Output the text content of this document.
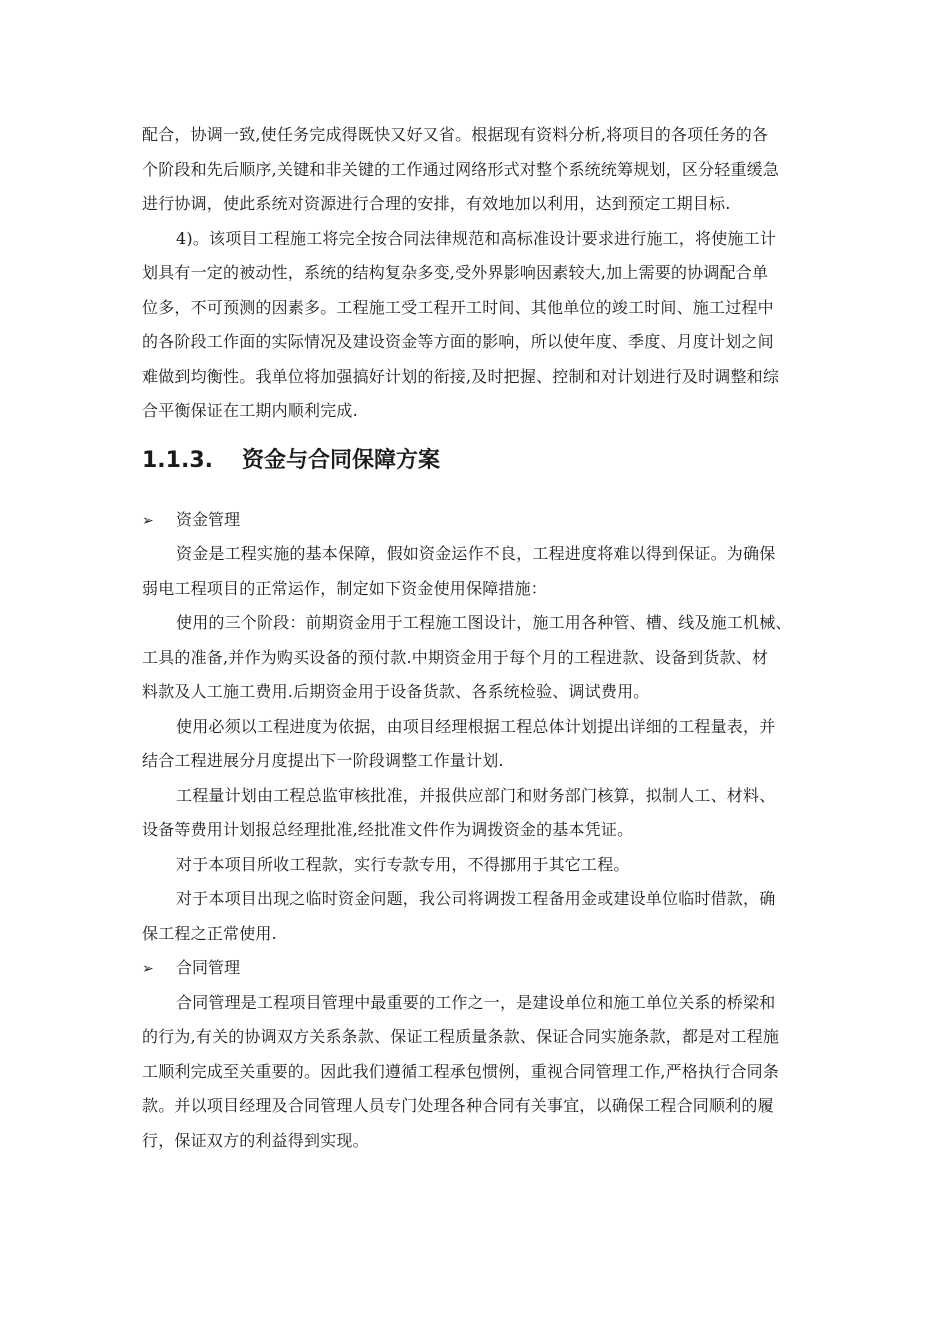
配合，协调一致,使任务完成得既快又好又省。根据现有资料分析,将项目的各项任务的各
个阶段和先后顺序,关键和非关键的工作通过网络形式对整个系统统筹规划，区分轻重缓急
进行协调，使此系统对资源进行合理的安排，有效地加以利用，达到预定工期目标.
4)。该项目工程施工将完全按合同法律规范和高标准设计要求进行施工，将使施工计
划具有一定的被动性，系统的结构复杂多变,受外界影响因素较大,加上需要的协调配合单
位多，不可预测的因素多。工程施工受工程开工时间、其他单位的竣工时间、施工过程中
的各阶段工作面的实际情况及建设资金等方面的影响，所以使年度、季度、月度计划之间
难做到均衡性。我单位将加强搞好计划的衔接,及时把握、控制和对计划进行及时调整和综
合平衡保证在工期内顺利完成.
1.1.3. 资金与合同保障方案
➢ 资金管理
资金是工程实施的基本保障，假如资金运作不良，工程进度将难以得到保证。为确保
弱电工程项目的正常运作，制定如下资金使用保障措施：
使用的三个阶段：前期资金用于工程施工图设计，施工用各种管、槽、线及施工机械、
工具的准备,并作为购买设备的预付款.中期资金用于每个月的工程进款、设备到货款、材
料款及人工施工费用.后期资金用于设备货款、各系统检验、调试费用。
使用必须以工程进度为依据，由项目经理根据工程总体计划提出详细的工程量表，并
结合工程进展分月度提出下一阶段调整工作量计划.
工程量计划由工程总监审核批准，并报供应部门和财务部门核算，拟制人工、材料、
设备等费用计划报总经理批准,经批准文件作为调拨资金的基本凭证。
对于本项目所收工程款，实行专款专用，不得挪用于其它工程。
对于本项目出现之临时资金问题，我公司将调拨工程备用金或建设单位临时借款，确
保工程之正常使用.
➢ 合同管理
合同管理是工程项目管理中最重要的工作之一，是建设单位和施工单位关系的桥梁和
的行为,有关的协调双方关系条款、保证工程质量条款、保证合同实施条款，都是对工程施
工顺利完成至关重要的。因此我们遵循工程承包惯例，重视合同管理工作,严格执行合同条
款。并以项目经理及合同管理人员专门处理各种合同有关事宜，以确保工程合同顺利的履
行，保证双方的利益得到实现。
